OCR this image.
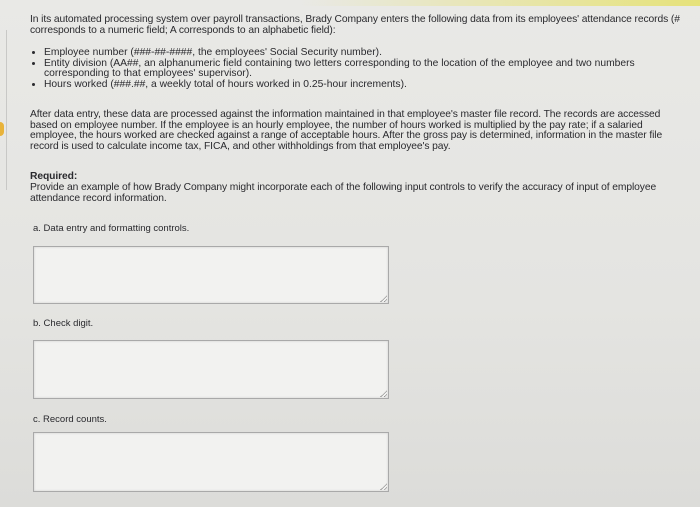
In its automated processing system over payroll transactions, Brady Company enters the following data from its employees' attendance records (# corresponds to a numeric field; A corresponds to an alphabetic field):
• Employee number (###-##-####, the employees' Social Security number).
• Entity division (AA##, an alphanumeric field containing two letters corresponding to the location of the employee and two numbers corresponding to that employees' supervisor).
• Hours worked (###.##, a weekly total of hours worked in 0.25-hour increments).
After data entry, these data are processed against the information maintained in that employee's master file record. The records are accessed based on employee number. If the employee is an hourly employee, the number of hours worked is multiplied by the pay rate; if a salaried employee, the hours worked are checked against a range of acceptable hours. After the gross pay is determined, information in the master file record is used to calculate income tax, FICA, and other withholdings from that employee's pay.
Required:
Provide an example of how Brady Company might incorporate each of the following input controls to verify the accuracy of input of employee attendance record information.
a. Data entry and formatting controls.
b. Check digit.
c. Record counts.
